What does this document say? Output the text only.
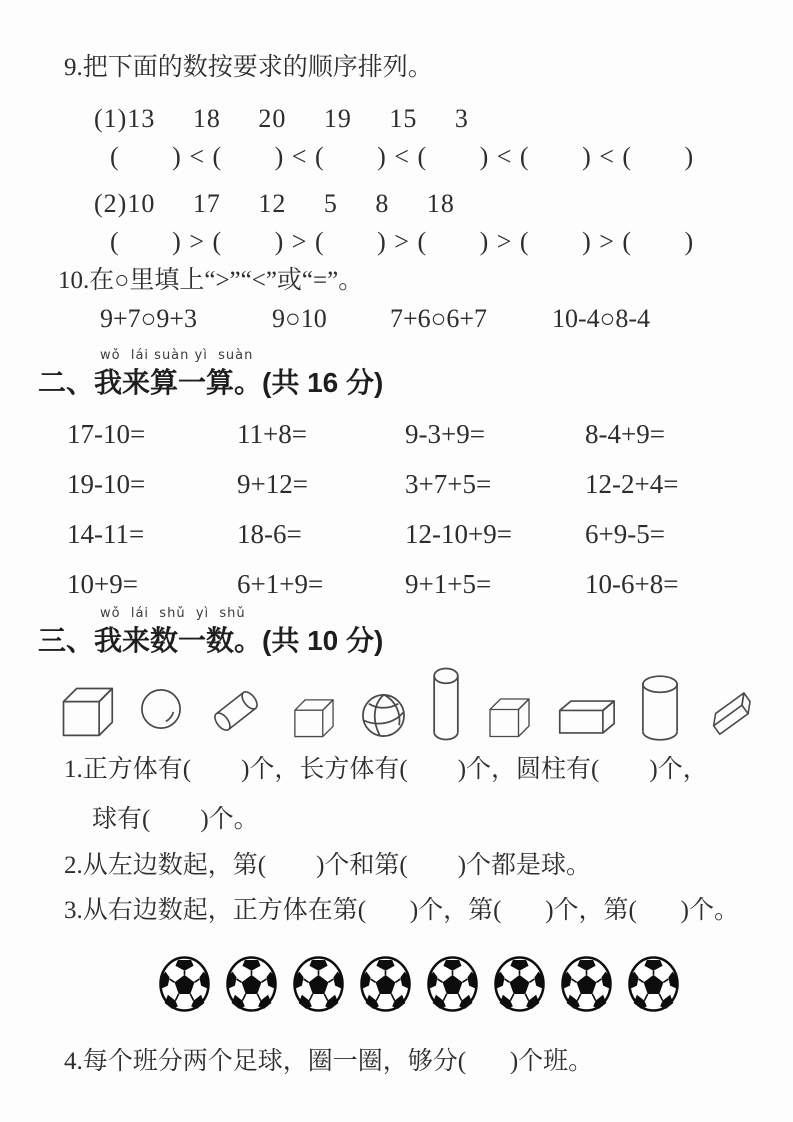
9.把下面的数按要求的顺序排列。
(1)13     18     20     19     15     3
(       ) < (       ) < (       ) < (       ) < (       ) < (       )
(2)10     17     12     5     8     18
(       ) > (       ) > (       ) > (       ) > (       ) > (       )
10.在○里填上“>”“<”或“=”。
9+7○9+3	9○10 7+6○6+7 10-4○8-4
wǒ  lái suàn yì  suàn
二、我来算一算。(共 16 分)
17-10=	11+8=	9-3+9=	8-4+9=
19-10=	9+12=	3+7+5=	12-2+4=
14-11=	18-6=	12-10+9=	6+9-5=
10+9=	6+1+9=	9+1+5=	10-6+8=
wǒ  lái  shǔ  yì  shǔ
三、我来数一数。(共 10 分)
1.正方体有(        )个，长方体有(        )个，圆柱有(        )个，
球有(        )个。
2.从左边数起，第(        )个和第(        )个都是球。
3.从右边数起，正方体在第(       )个，第(       )个，第(       )个。
4.每个班分两个足球，圈一圈，够分(       )个班。
